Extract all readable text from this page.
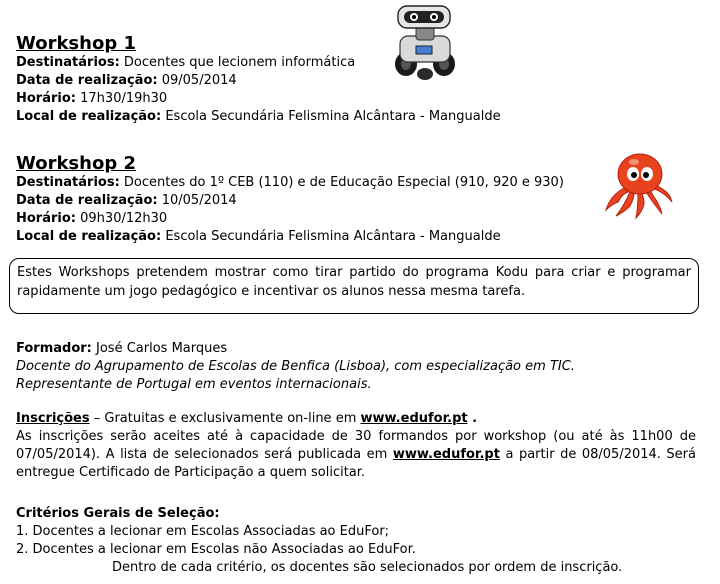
Workshop 1
Destinatários: Docentes que lecionem informática
Data de realização: 09/05/2014
Horário: 17h30/19h30
Local de realização: Escola Secundária Felismina Alcântara - Mangualde
Workshop 2
Destinatários: Docentes do 1º CEB (110) e de Educação Especial (910, 920 e 930)
Data de realização: 10/05/2014
Horário: 09h30/12h30
Local de realização: Escola Secundária Felismina Alcântara - Mangualde
Estes Workshops pretendem mostrar como tirar partido do programa Kodu para criar e programar rapidamente um jogo pedagógico e incentivar os alunos nessa mesma tarefa.
Formador: José Carlos Marques
Docente do Agrupamento de Escolas de Benfica (Lisboa), com especialização em TIC.
Representante de Portugal em eventos internacionais.
Inscrições – Gratuitas e exclusivamente on-line em www.edufor.pt .
As inscrições serão aceites até à capacidade de 30 formandos por workshop (ou até às 11h00 de 07/05/2014). A lista de selecionados será publicada em www.edufor.pt a partir de 08/05/2014. Será entregue Certificado de Participação a quem solicitar.
Critérios Gerais de Seleção:
1. Docentes a lecionar em Escolas Associadas ao EduFor;
2. Docentes a lecionar em Escolas não Associadas ao EduFor.
Dentro de cada critério, os docentes são selecionados por ordem de inscrição.
